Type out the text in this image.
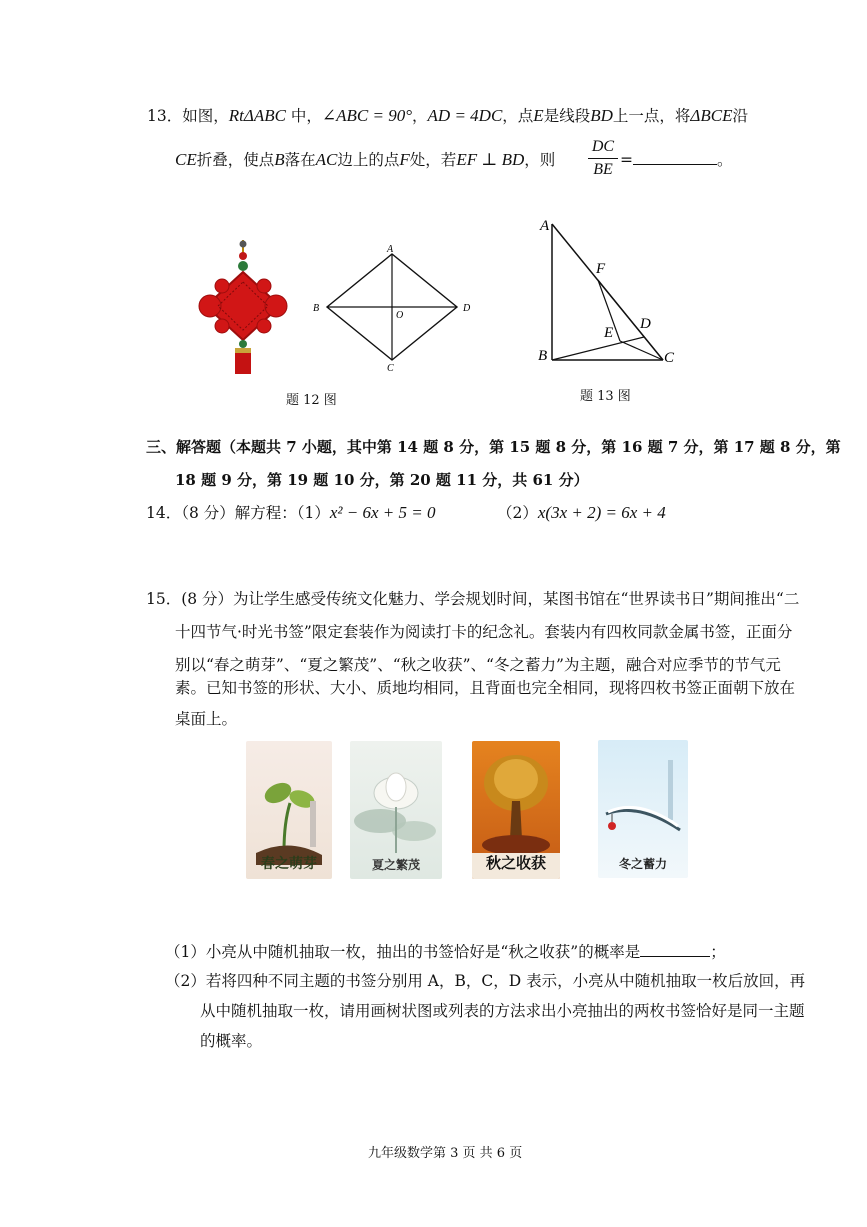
13．如图，RtΔABC 中，∠ABC = 90°，AD = 4DC，点E是线段BD上一点，将ΔBCE沿
CE折叠，使点B落在AC边上的点F处，若EF ⊥ BD，则
DC
BE
=	。
A
B
C
D
O
题 12 图
A
B	C
D
E
F
题 13 图
三、解答题（本题共 7 小题，其中第 14 题 8 分，第 15 题 8 分，第 16 题 7 分，第 17 题 8 分，第
18 题 9 分，第 19 题 10 分，第 20 题 11 分，共 61 分）
14．（8 分）解方程：（1）x² − 6x + 5 = 0	（2）x(3x + 2) = 6x + 4
15．(8 分）为让学生感受传统文化魅力、学会规划时间，某图书馆在“世界读书日”期间推出“二
十四节气·时光书签”限定套装作为阅读打卡的纪念礼。套装内有四枚同款金属书签，正面分
别以“春之萌芽”、“夏之繁茂”、“秋之收获”、“冬之蓄力”为主题，融合对应季节的节气元
素。已知书签的形状、大小、质地均相同，且背面也完全相同，现将四枚书签正面朝下放在
桌面上。
春之萌芽	夏之繁茂	秋之收获	冬之蓄力
（1）小亮从中随机抽取一枚，抽出的书签恰好是“秋之收获”的概率是	；
（2）若将四种不同主题的书签分别用 A，B，C，D 表示，小亮从中随机抽取一枚后放回，再
从中随机抽取一枚，请用画树状图或列表的方法求出小亮抽出的两枚书签恰好是同一主题
的概率。
九年级数学第 3 页 共 6 页
